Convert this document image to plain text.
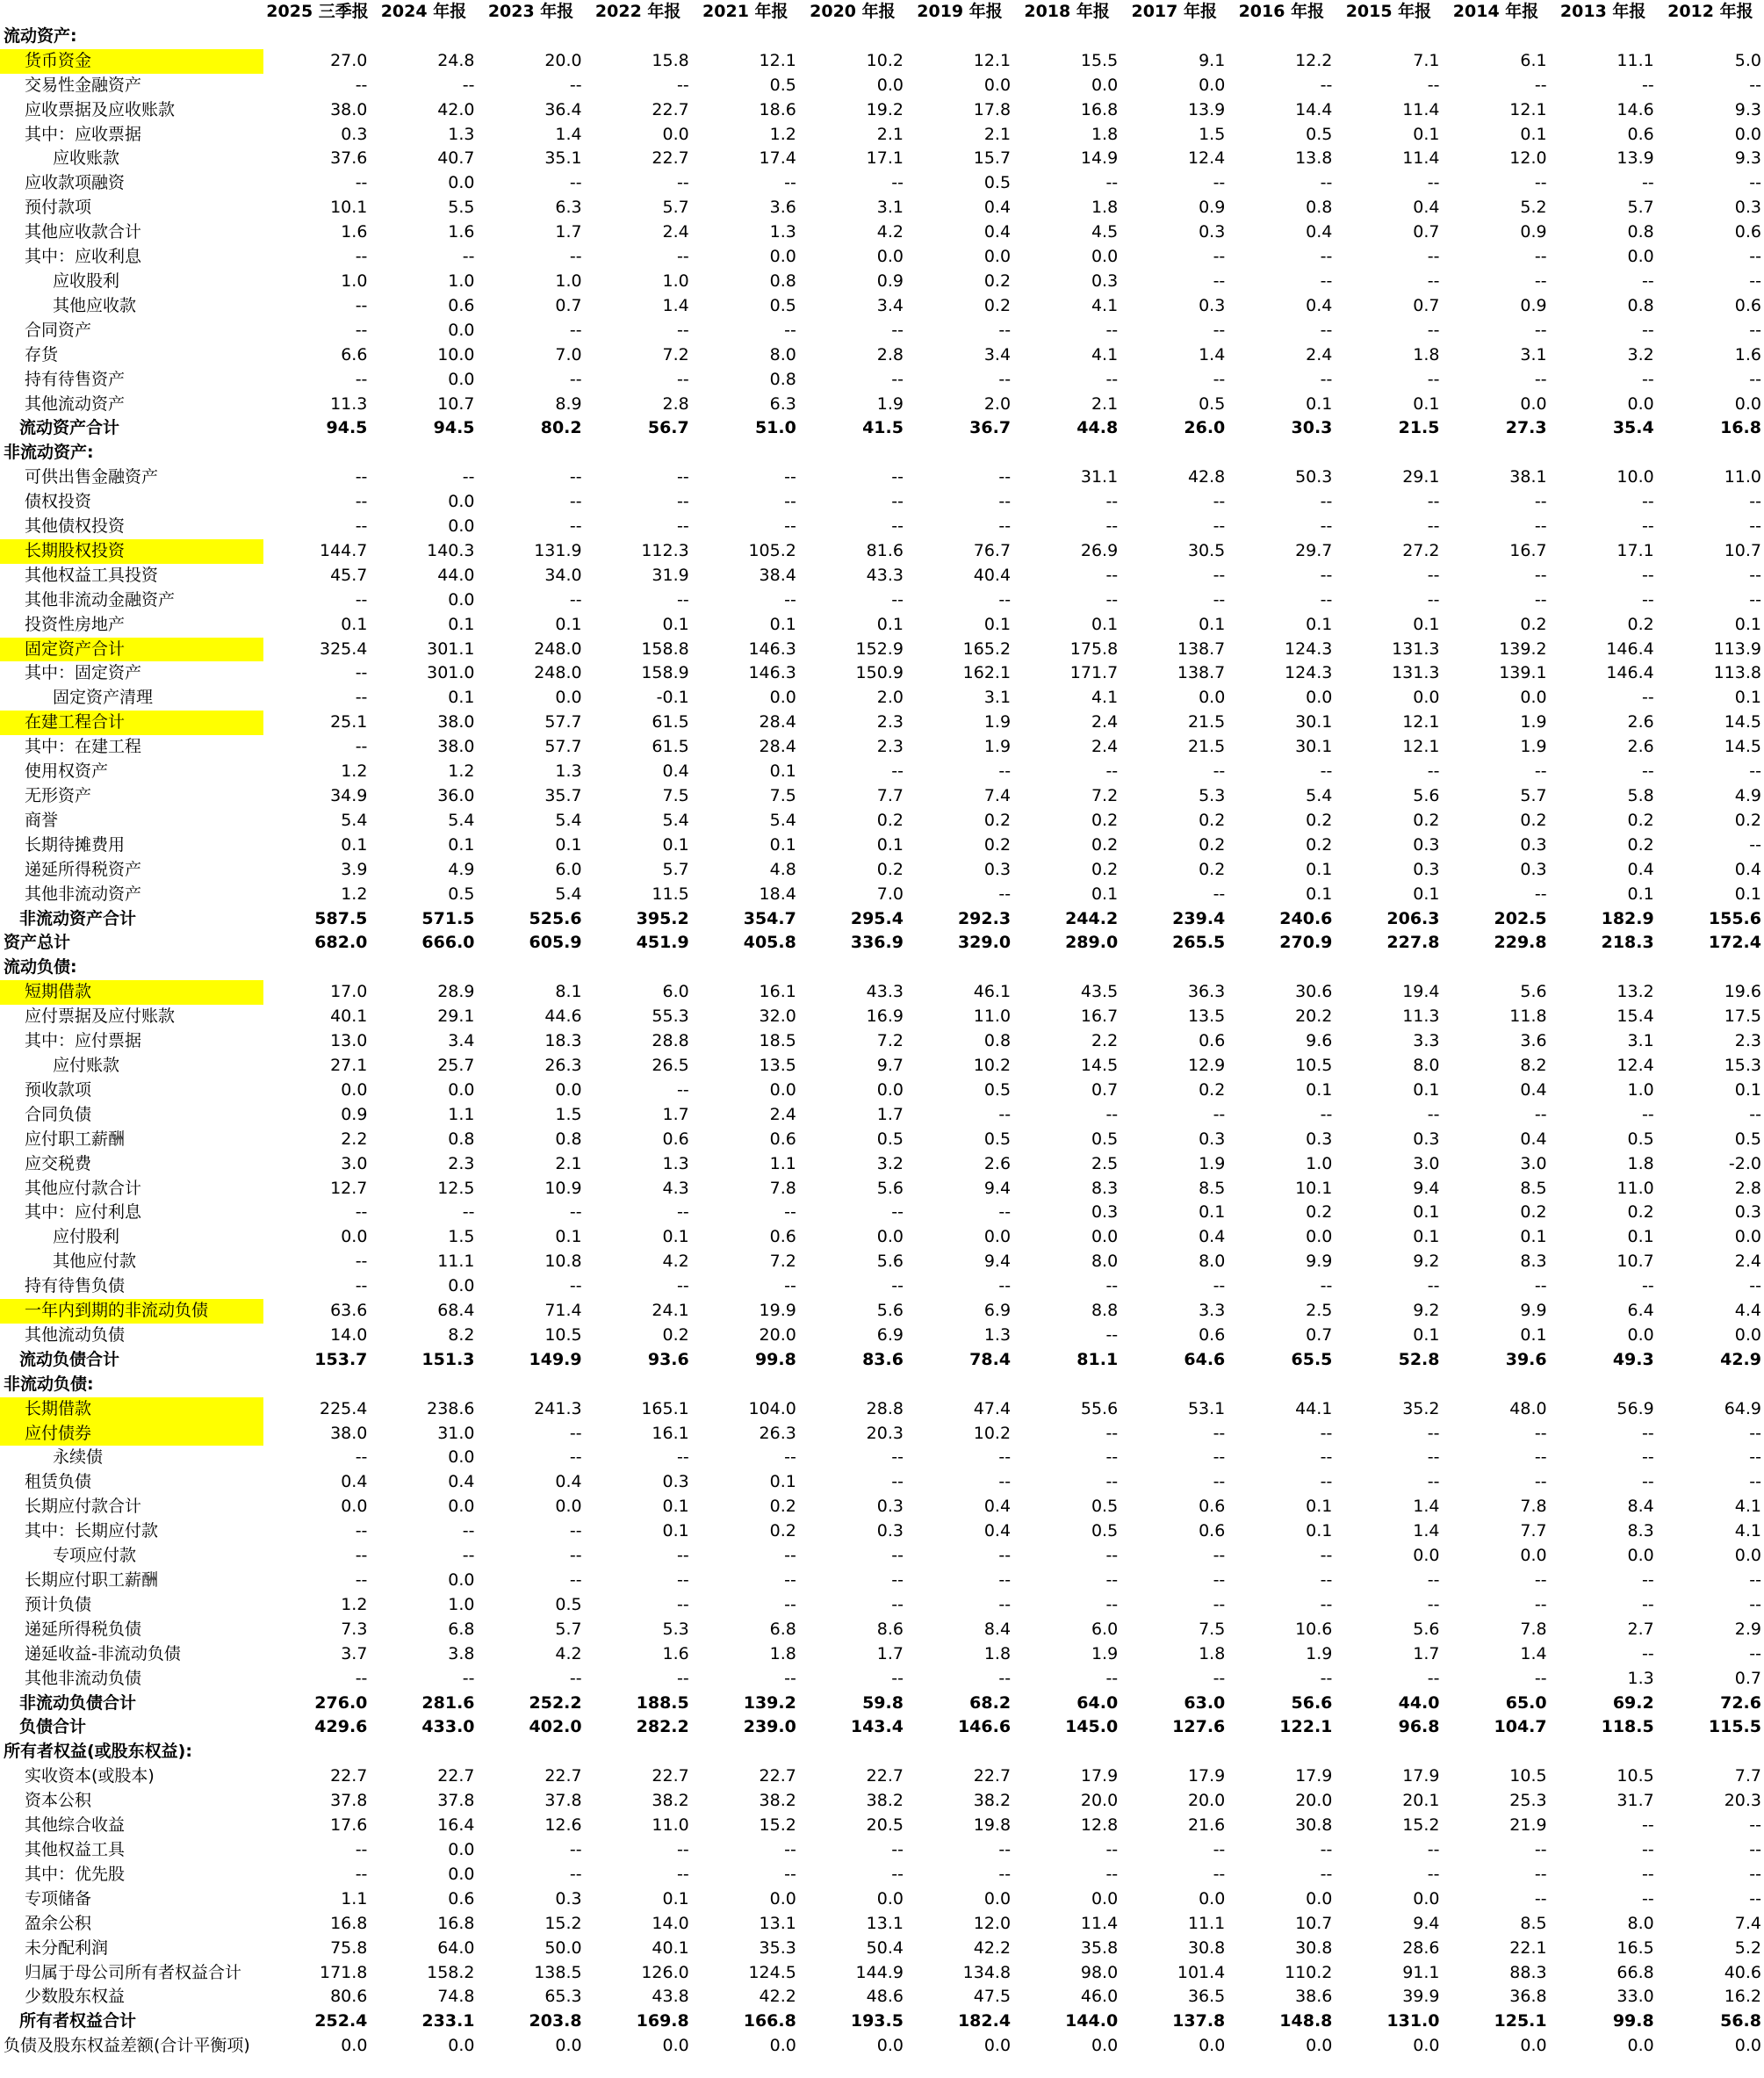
	2025 三季报	2024 年报	2023 年报	2022 年报	2021 年报	2020 年报	2019 年报	2018 年报	2017 年报	2016 年报	2015 年报	2014 年报	2013 年报	2012 年报
流动资产:														
货币资金	27.0	24.8	20.0	15.8	12.1	10.2	12.1	15.5	9.1	12.2	7.1	6.1	11.1	5.0
交易性金融资产	--	--	--	--	0.5	0.0	0.0	0.0	0.0	--	--	--	--	--
应收票据及应收账款	38.0	42.0	36.4	22.7	18.6	19.2	17.8	16.8	13.9	14.4	11.4	12.1	14.6	9.3
其中：应收票据	0.3	1.3	1.4	0.0	1.2	2.1	2.1	1.8	1.5	0.5	0.1	0.1	0.6	0.0
应收账款	37.6	40.7	35.1	22.7	17.4	17.1	15.7	14.9	12.4	13.8	11.4	12.0	13.9	9.3
应收款项融资	--	0.0	--	--	--	--	0.5	--	--	--	--	--	--	--
预付款项	10.1	5.5	6.3	5.7	3.6	3.1	0.4	1.8	0.9	0.8	0.4	5.2	5.7	0.3
其他应收款合计	1.6	1.6	1.7	2.4	1.3	4.2	0.4	4.5	0.3	0.4	0.7	0.9	0.8	0.6
其中：应收利息	--	--	--	--	0.0	0.0	0.0	0.0	--	--	--	--	0.0	--
应收股利	1.0	1.0	1.0	1.0	0.8	0.9	0.2	0.3	--	--	--	--	--	--
其他应收款	--	0.6	0.7	1.4	0.5	3.4	0.2	4.1	0.3	0.4	0.7	0.9	0.8	0.6
合同资产	--	0.0	--	--	--	--	--	--	--	--	--	--	--	--
存货	6.6	10.0	7.0	7.2	8.0	2.8	3.4	4.1	1.4	2.4	1.8	3.1	3.2	1.6
持有待售资产	--	0.0	--	--	0.8	--	--	--	--	--	--	--	--	--
其他流动资产	11.3	10.7	8.9	2.8	6.3	1.9	2.0	2.1	0.5	0.1	0.1	0.0	0.0	0.0
流动资产合计	94.5	94.5	80.2	56.7	51.0	41.5	36.7	44.8	26.0	30.3	21.5	27.3	35.4	16.8
非流动资产:														
可供出售金融资产	--	--	--	--	--	--	--	31.1	42.8	50.3	29.1	38.1	10.0	11.0
债权投资	--	0.0	--	--	--	--	--	--	--	--	--	--	--	--
其他债权投资	--	0.0	--	--	--	--	--	--	--	--	--	--	--	--
长期股权投资	144.7	140.3	131.9	112.3	105.2	81.6	76.7	26.9	30.5	29.7	27.2	16.7	17.1	10.7
其他权益工具投资	45.7	44.0	34.0	31.9	38.4	43.3	40.4	--	--	--	--	--	--	--
其他非流动金融资产	--	0.0	--	--	--	--	--	--	--	--	--	--	--	--
投资性房地产	0.1	0.1	0.1	0.1	0.1	0.1	0.1	0.1	0.1	0.1	0.1	0.2	0.2	0.1
固定资产合计	325.4	301.1	248.0	158.8	146.3	152.9	165.2	175.8	138.7	124.3	131.3	139.2	146.4	113.9
其中：固定资产	--	301.0	248.0	158.9	146.3	150.9	162.1	171.7	138.7	124.3	131.3	139.1	146.4	113.8
固定资产清理	--	0.1	0.0	-0.1	0.0	2.0	3.1	4.1	0.0	0.0	0.0	0.0	--	0.1
在建工程合计	25.1	38.0	57.7	61.5	28.4	2.3	1.9	2.4	21.5	30.1	12.1	1.9	2.6	14.5
其中：在建工程	--	38.0	57.7	61.5	28.4	2.3	1.9	2.4	21.5	30.1	12.1	1.9	2.6	14.5
使用权资产	1.2	1.2	1.3	0.4	0.1	--	--	--	--	--	--	--	--	--
无形资产	34.9	36.0	35.7	7.5	7.5	7.7	7.4	7.2	5.3	5.4	5.6	5.7	5.8	4.9
商誉	5.4	5.4	5.4	5.4	5.4	0.2	0.2	0.2	0.2	0.2	0.2	0.2	0.2	0.2
长期待摊费用	0.1	0.1	0.1	0.1	0.1	0.1	0.2	0.2	0.2	0.2	0.3	0.3	0.2	--
递延所得税资产	3.9	4.9	6.0	5.7	4.8	0.2	0.3	0.2	0.2	0.1	0.3	0.3	0.4	0.4
其他非流动资产	1.2	0.5	5.4	11.5	18.4	7.0	--	0.1	--	0.1	0.1	--	0.1	0.1
非流动资产合计	587.5	571.5	525.6	395.2	354.7	295.4	292.3	244.2	239.4	240.6	206.3	202.5	182.9	155.6
资产总计	682.0	666.0	605.9	451.9	405.8	336.9	329.0	289.0	265.5	270.9	227.8	229.8	218.3	172.4
流动负债:														
短期借款	17.0	28.9	8.1	6.0	16.1	43.3	46.1	43.5	36.3	30.6	19.4	5.6	13.2	19.6
应付票据及应付账款	40.1	29.1	44.6	55.3	32.0	16.9	11.0	16.7	13.5	20.2	11.3	11.8	15.4	17.5
其中：应付票据	13.0	3.4	18.3	28.8	18.5	7.2	0.8	2.2	0.6	9.6	3.3	3.6	3.1	2.3
应付账款	27.1	25.7	26.3	26.5	13.5	9.7	10.2	14.5	12.9	10.5	8.0	8.2	12.4	15.3
预收款项	0.0	0.0	0.0	--	0.0	0.0	0.5	0.7	0.2	0.1	0.1	0.4	1.0	0.1
合同负债	0.9	1.1	1.5	1.7	2.4	1.7	--	--	--	--	--	--	--	--
应付职工薪酬	2.2	0.8	0.8	0.6	0.6	0.5	0.5	0.5	0.3	0.3	0.3	0.4	0.5	0.5
应交税费	3.0	2.3	2.1	1.3	1.1	3.2	2.6	2.5	1.9	1.0	3.0	3.0	1.8	-2.0
其他应付款合计	12.7	12.5	10.9	4.3	7.8	5.6	9.4	8.3	8.5	10.1	9.4	8.5	11.0	2.8
其中：应付利息	--	--	--	--	--	--	--	0.3	0.1	0.2	0.1	0.2	0.2	0.3
应付股利	0.0	1.5	0.1	0.1	0.6	0.0	0.0	0.0	0.4	0.0	0.1	0.1	0.1	0.0
其他应付款	--	11.1	10.8	4.2	7.2	5.6	9.4	8.0	8.0	9.9	9.2	8.3	10.7	2.4
持有待售负债	--	0.0	--	--	--	--	--	--	--	--	--	--	--	--
一年内到期的非流动负债	63.6	68.4	71.4	24.1	19.9	5.6	6.9	8.8	3.3	2.5	9.2	9.9	6.4	4.4
其他流动负债	14.0	8.2	10.5	0.2	20.0	6.9	1.3	--	0.6	0.7	0.1	0.1	0.0	0.0
流动负债合计	153.7	151.3	149.9	93.6	99.8	83.6	78.4	81.1	64.6	65.5	52.8	39.6	49.3	42.9
非流动负债:														
长期借款	225.4	238.6	241.3	165.1	104.0	28.8	47.4	55.6	53.1	44.1	35.2	48.0	56.9	64.9
应付债券	38.0	31.0	--	16.1	26.3	20.3	10.2	--	--	--	--	--	--	--
永续债	--	0.0	--	--	--	--	--	--	--	--	--	--	--	--
租赁负债	0.4	0.4	0.4	0.3	0.1	--	--	--	--	--	--	--	--	--
长期应付款合计	0.0	0.0	0.0	0.1	0.2	0.3	0.4	0.5	0.6	0.1	1.4	7.8	8.4	4.1
其中：长期应付款	--	--	--	0.1	0.2	0.3	0.4	0.5	0.6	0.1	1.4	7.7	8.3	4.1
专项应付款	--	--	--	--	--	--	--	--	--	--	0.0	0.0	0.0	0.0
长期应付职工薪酬	--	0.0	--	--	--	--	--	--	--	--	--	--	--	--
预计负债	1.2	1.0	0.5	--	--	--	--	--	--	--	--	--	--	--
递延所得税负债	7.3	6.8	5.7	5.3	6.8	8.6	8.4	6.0	7.5	10.6	5.6	7.8	2.7	2.9
递延收益-非流动负债	3.7	3.8	4.2	1.6	1.8	1.7	1.8	1.9	1.8	1.9	1.7	1.4	--	--
其他非流动负债	--	--	--	--	--	--	--	--	--	--	--	--	1.3	0.7
非流动负债合计	276.0	281.6	252.2	188.5	139.2	59.8	68.2	64.0	63.0	56.6	44.0	65.0	69.2	72.6
负债合计	429.6	433.0	402.0	282.2	239.0	143.4	146.6	145.0	127.6	122.1	96.8	104.7	118.5	115.5
所有者权益(或股东权益):														
实收资本(或股本)	22.7	22.7	22.7	22.7	22.7	22.7	22.7	17.9	17.9	17.9	17.9	10.5	10.5	7.7
资本公积	37.8	37.8	37.8	38.2	38.2	38.2	38.2	20.0	20.0	20.0	20.1	25.3	31.7	20.3
其他综合收益	17.6	16.4	12.6	11.0	15.2	20.5	19.8	12.8	21.6	30.8	15.2	21.9	--	--
其他权益工具	--	0.0	--	--	--	--	--	--	--	--	--	--	--	--
其中：优先股	--	0.0	--	--	--	--	--	--	--	--	--	--	--	--
专项储备	1.1	0.6	0.3	0.1	0.0	0.0	0.0	0.0	0.0	0.0	0.0	--	--	--
盈余公积	16.8	16.8	15.2	14.0	13.1	13.1	12.0	11.4	11.1	10.7	9.4	8.5	8.0	7.4
未分配利润	75.8	64.0	50.0	40.1	35.3	50.4	42.2	35.8	30.8	30.8	28.6	22.1	16.5	5.2
归属于母公司所有者权益合计	171.8	158.2	138.5	126.0	124.5	144.9	134.8	98.0	101.4	110.2	91.1	88.3	66.8	40.6
少数股东权益	80.6	74.8	65.3	43.8	42.2	48.6	47.5	46.0	36.5	38.6	39.9	36.8	33.0	16.2
所有者权益合计	252.4	233.1	203.8	169.8	166.8	193.5	182.4	144.0	137.8	148.8	131.0	125.1	99.8	56.8
负债及股东权益差额(合计平衡项)	0.0	0.0	0.0	0.0	0.0	0.0	0.0	0.0	0.0	0.0	0.0	0.0	0.0	0.0
